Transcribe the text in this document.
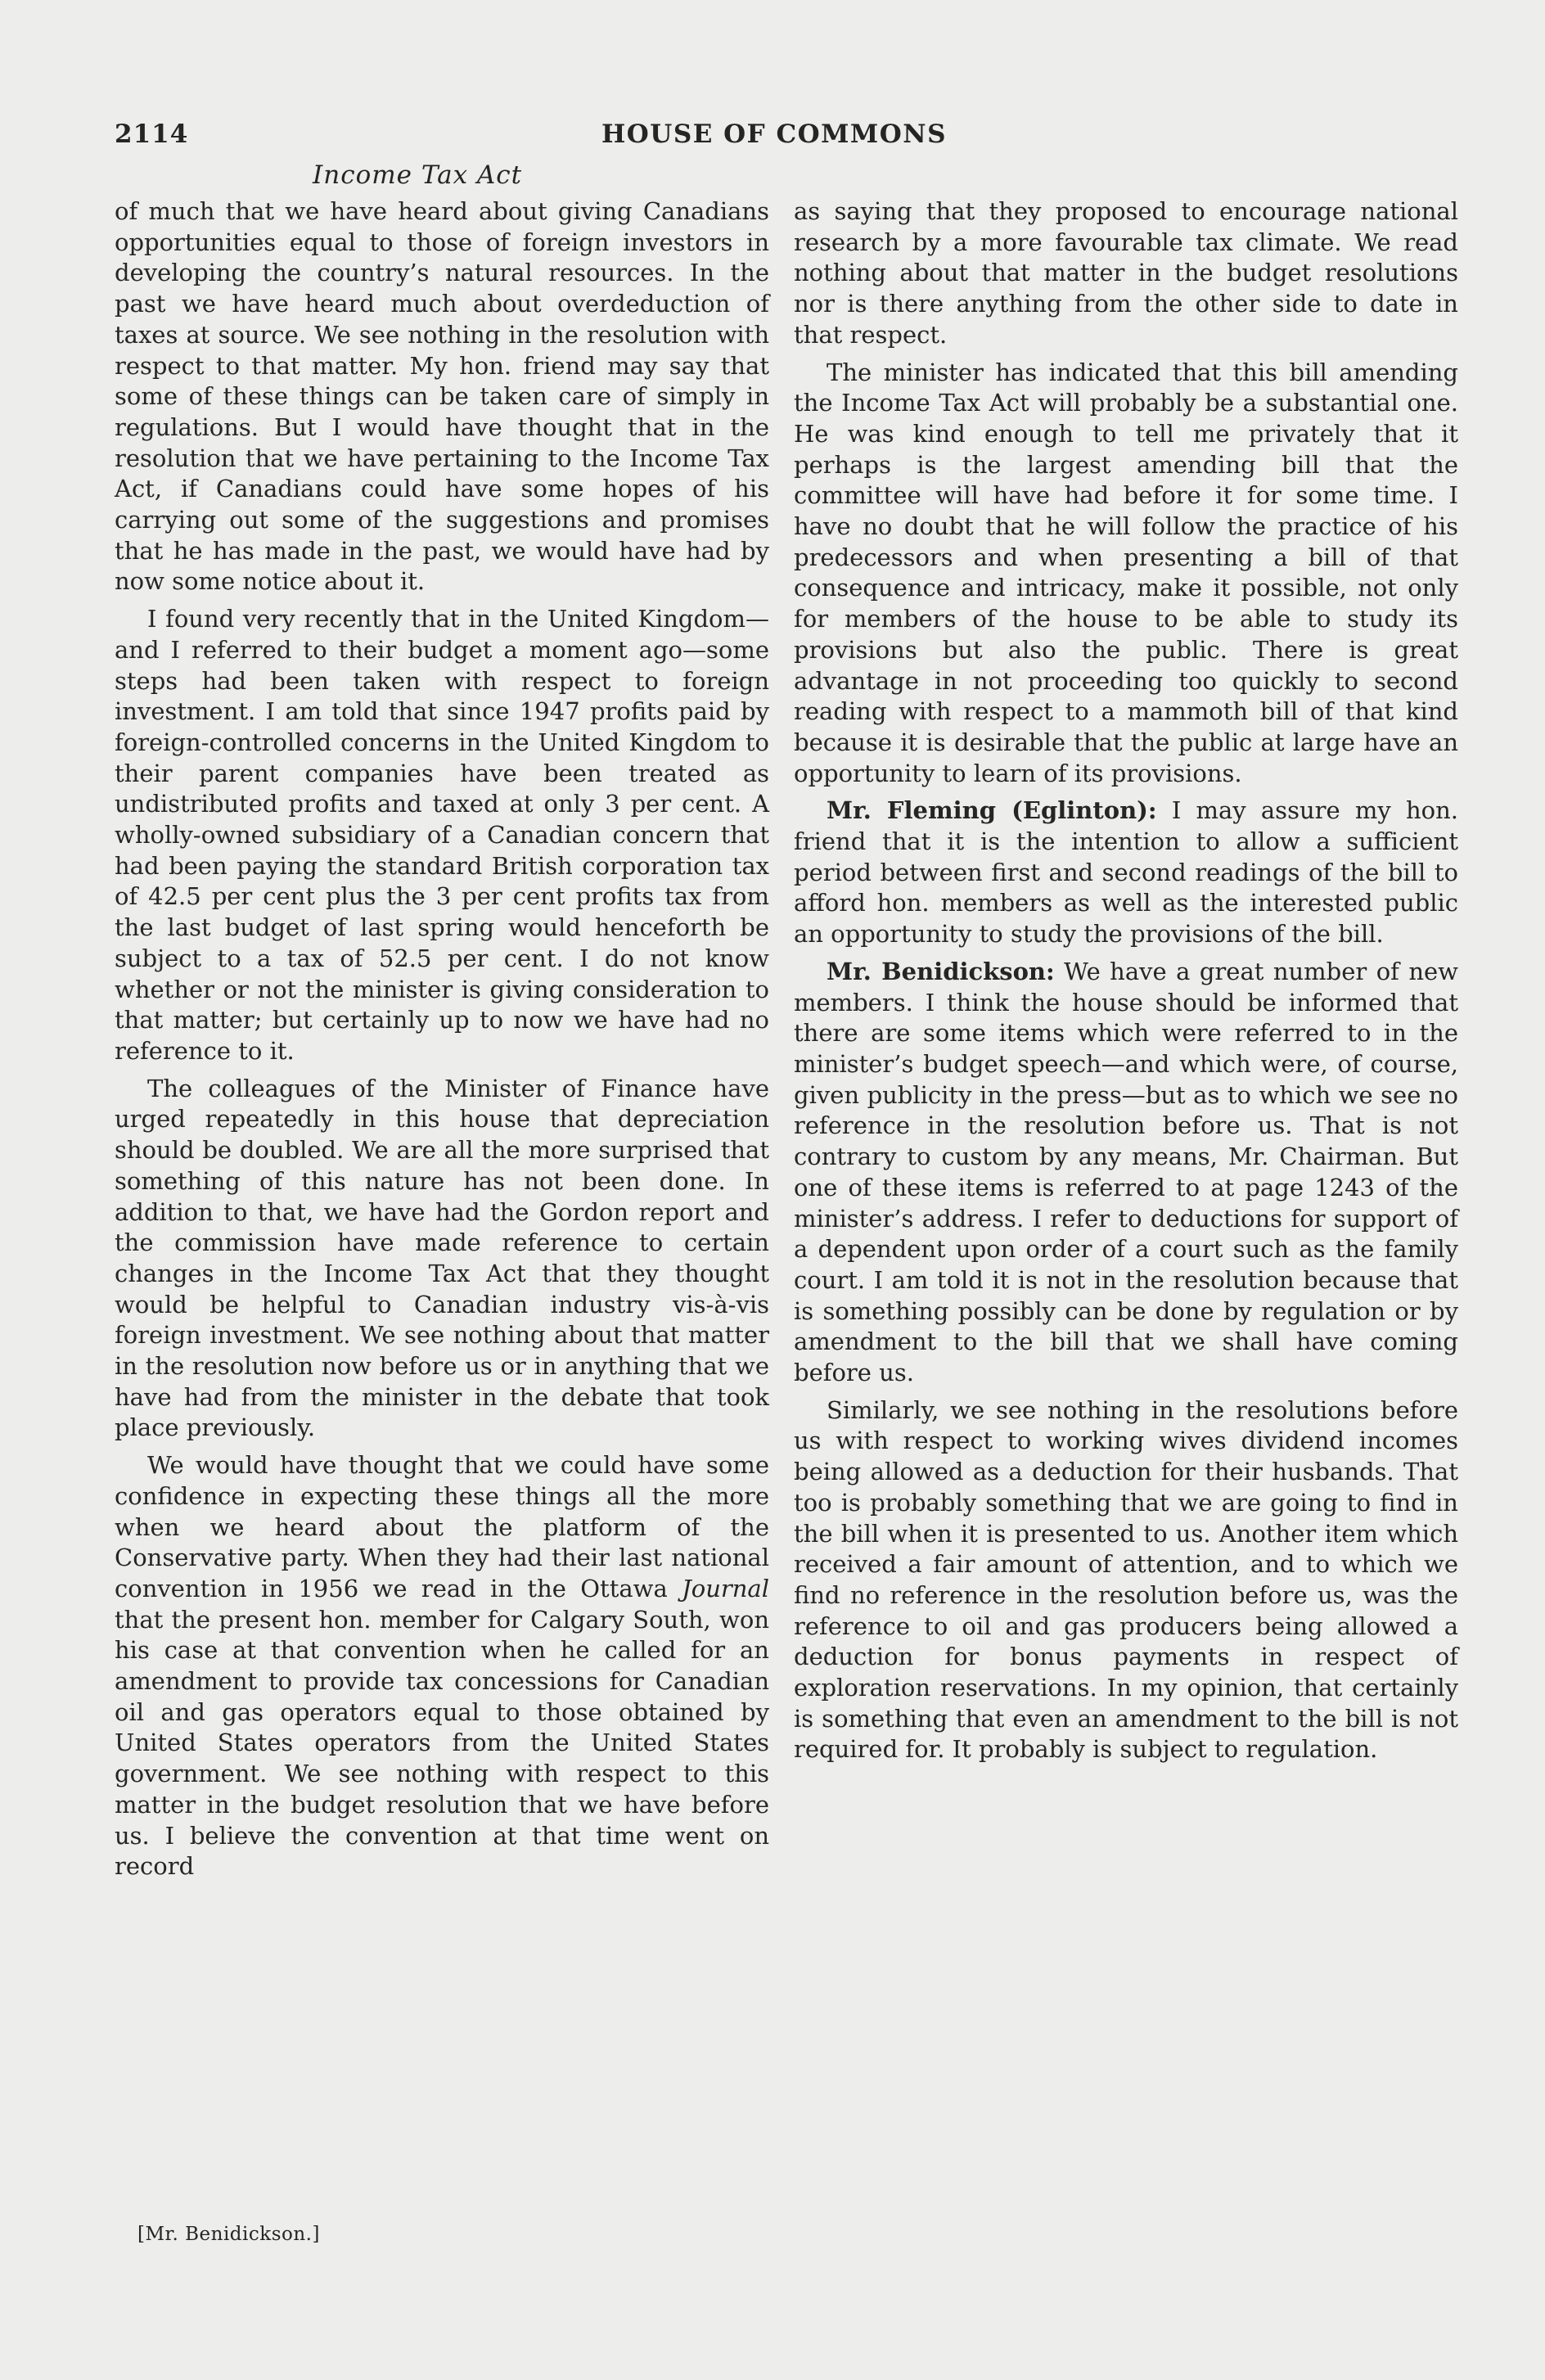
2114	HOUSE OF COMMONS
Income Tax Act

of much that we have heard about giving Canadians opportunities equal to those of foreign investors in developing the country’s natural resources. In the past we have heard much about overdeduction of taxes at source. We see nothing in the resolution with respect to that matter. My hon. friend may say that some of these things can be taken care of simply in regulations. But I would have thought that in the resolution that we have pertaining to the Income Tax Act, if Canadians could have some hopes of his carrying out some of the suggestions and promises that he has made in the past, we would have had by now some notice about it.

I found very recently that in the United Kingdom—and I referred to their budget a moment ago—some steps had been taken with respect to foreign investment. I am told that since 1947 profits paid by foreign-controlled concerns in the United Kingdom to their parent companies have been treated as undistributed profits and taxed at only 3 per cent. A wholly-owned subsidiary of a Canadian concern that had been paying the standard British corporation tax of 42.5 per cent plus the 3 per cent profits tax from the last budget of last spring would henceforth be subject to a tax of 52.5 per cent. I do not know whether or not the minister is giving consideration to that matter; but certainly up to now we have had no reference to it.

The colleagues of the Minister of Finance have urged repeatedly in this house that depreciation should be doubled. We are all the more surprised that something of this nature has not been done. In addition to that, we have had the Gordon report and the commission have made reference to certain changes in the Income Tax Act that they thought would be helpful to Canadian industry vis-à-vis foreign investment. We see nothing about that matter in the resolution now before us or in anything that we have had from the minister in the debate that took place previously.

We would have thought that we could have some confidence in expecting these things all the more when we heard about the platform of the Conservative party. When they had their last national convention in 1956 we read in the Ottawa Journal that the present hon. member for Calgary South, won his case at that convention when he called for an amendment to provide tax concessions for Canadian oil and gas operators equal to those obtained by United States operators from the United States government. We see nothing with respect to this matter in the budget resolution that we have before us. I believe the convention at that time went on record

as saying that they proposed to encourage national research by a more favourable tax climate. We read nothing about that matter in the budget resolutions nor is there anything from the other side to date in that respect.

The minister has indicated that this bill amending the Income Tax Act will probably be a substantial one. He was kind enough to tell me privately that it perhaps is the largest amending bill that the committee will have had before it for some time. I have no doubt that he will follow the practice of his predecessors and when presenting a bill of that consequence and intricacy, make it possible, not only for members of the house to be able to study its provisions but also the public. There is great advantage in not proceeding too quickly to second reading with respect to a mammoth bill of that kind because it is desirable that the public at large have an opportunity to learn of its provisions.

Mr. Fleming (Eglinton): I may assure my hon. friend that it is the intention to allow a sufficient period between first and second readings of the bill to afford hon. members as well as the interested public an opportunity to study the provisions of the bill.

Mr. Benidickson: We have a great number of new members. I think the house should be informed that there are some items which were referred to in the minister’s budget speech—and which were, of course, given publicity in the press—but as to which we see no reference in the resolution before us. That is not contrary to custom by any means, Mr. Chairman. But one of these items is referred to at page 1243 of the minister’s address. I refer to deductions for support of a dependent upon order of a court such as the family court. I am told it is not in the resolution because that is something possibly can be done by regulation or by amendment to the bill that we shall have coming before us.

Similarly, we see nothing in the resolutions before us with respect to working wives dividend incomes being allowed as a deduction for their husbands. That too is probably something that we are going to find in the bill when it is presented to us. Another item which received a fair amount of attention, and to which we find no reference in the resolution before us, was the reference to oil and gas producers being allowed a deduction for bonus payments in respect of exploration reservations. In my opinion, that certainly is something that even an amendment to the bill is not required for. It probably is subject to regulation.

[Mr. Benidickson.]
